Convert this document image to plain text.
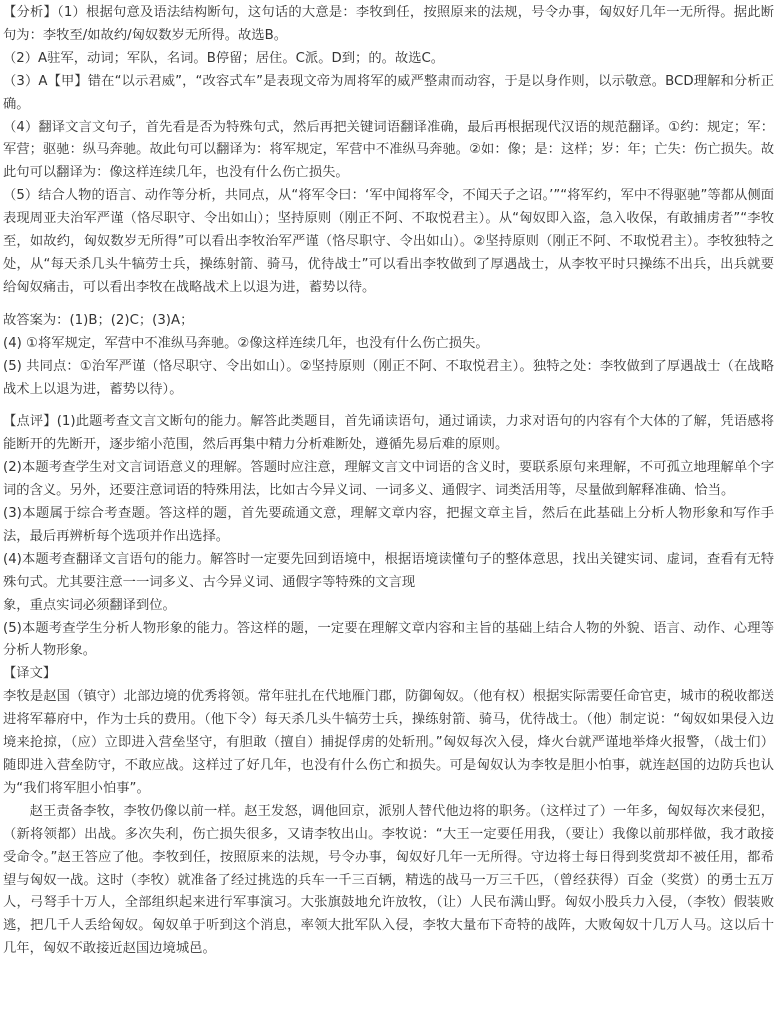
【分析】（1）根据句意及语法结构断句，这句话的大意是：李牧到任，按照原来的法规，号令办事，匈奴好几年一无所得。据此断句为：李牧至/如故约/匈奴数岁无所得。故选B。

（2）A驻军，动词；军队，名词。B停留；居住。C派。D到；的。故选C。

（3）A【甲】错在“以示君威”，“改容式车”是表现文帝为周将军的威严整肃而动容，于是以身作则，以示敬意。BCD理解和分析正确。

（4）翻译文言文句子，首先看是否为特殊句式，然后再把关键词语翻译准确，最后再根据现代汉语的规范翻译。①约：规定；军：军营；驱驰：纵马奔驰。故此句可以翻译为：将军规定，军营中不准纵马奔驰。②如：像；是：这样；岁：年；亡失：伤亡损失。故此句可以翻译为：像这样连续几年，也没有什么伤亡损失。

（5）结合人物的语言、动作等分析，共同点，从“将军令曰：‘军中闻将军令，不闻天子之诏。’”“将军约，军中不得驱驰”等都从侧面表现周亚夫治军严谨（恪尽职守、令出如山）；坚持原则（刚正不阿、不取悦君主）。从“匈奴即入盗，急入收保，有敢捕虏者”“李牧至，如故约，匈奴数岁无所得”可以看出李牧治军严谨（恪尽职守、令出如山）。②坚持原则（刚正不阿、不取悦君主）。李牧独特之处，从“每天杀几头牛犒劳士兵，操练射箭、骑马，优待战士”可以看出李牧做到了厚遇战士，从李牧平时只操练不出兵，出兵就要给匈奴痛击，可以看出李牧在战略战术上以退为进，蓄势以待。

故答案为：(1)B；(2)C；(3)A；

(4) ①将军规定，军营中不准纵马奔驰。②像这样连续几年，也没有什么伤亡损失。

(5) 共同点：①治军严谨（恪尽职守、令出如山）。②坚持原则（刚正不阿、不取悦君主）。独特之处：李牧做到了厚遇战士（在战略战术上以退为进，蓄势以待）。

【点评】(1)此题考查文言文断句的能力。解答此类题目，首先诵读语句，通过诵读，力求对语句的内容有个大体的了解，凭语感将能断开的先断开，逐步缩小范围，然后再集中精力分析难断处，遵循先易后难的原则。

(2)本题考查学生对文言词语意义的理解。答题时应注意，理解文言文中词语的含义时，要联系原句来理解，不可孤立地理解单个字词的含义。另外，还要注意词语的特殊用法，比如古今异义词、一词多义、通假字、词类活用等，尽量做到解释准确、恰当。

(3)本题属于综合考查题。答这样的题，首先要疏通文意，理解文章内容，把握文章主旨，然后在此基础上分析人物形象和写作手法，最后再辨析每个选项并作出选择。

(4)本题考查翻译文言语句的能力。解答时一定要先回到语境中，根据语境读懂句子的整体意思，找出关键实词、虚词，查看有无特殊句式。尤其要注意一一词多义、古今异义词、通假字等特殊的文言现

象，重点实词必须翻译到位。

(5)本题考查学生分析人物形象的能力。答这样的题，一定要在理解文章内容和主旨的基础上结合人物的外貌、语言、动作、心理等分析人物形象。

【译文】

李牧是赵国（镇守）北部边境的优秀将领。常年驻扎在代地雁门郡，防御匈奴。（他有权）根据实际需要任命官吏，城市的税收都送进将军幕府中，作为士兵的费用。（他下令）每天杀几头牛犒劳士兵，操练射箭、骑马，优待战士。（他）制定说：“匈奴如果侵入边境来抢掠，（应）立即进入营垒坚守，有胆敢（擅自）捕捉俘虏的处斩刑。”匈奴每次入侵，烽火台就严谨地举烽火报警，（战士们）随即进入营垒防守，不敢应战。这样过了好几年，也没有什么伤亡和损失。可是匈奴认为李牧是胆小怕事，就连赵国的边防兵也认为“我们将军胆小怕事”。

赵王责备李牧，李牧仍像以前一样。赵王发怒，调他回京，派别人替代他边将的职务。（这样过了）一年多，匈奴每次来侵犯，（新将领都）出战。多次失利，伤亡损失很多，又请李牧出山。李牧说：“大王一定要任用我，（要让）我像以前那样做，我才敢接受命令。”赵王答应了他。李牧到任，按照原来的法规，号令办事，匈奴好几年一无所得。守边将士每日得到奖赏却不被任用，都希望与匈奴一战。这时（李牧）就准备了经过挑选的兵车一千三百辆，精选的战马一万三千匹，（曾经获得）百金（奖赏）的勇士五万人，弓弩手十万人，全部组织起来进行军事演习。大张旗鼓地允许放牧，（让）人民布满山野。匈奴小股兵力入侵，（李牧）假装败逃，把几千人丢给匈奴。匈奴单于听到这个消息，率领大批军队入侵，李牧大量布下奇特的战阵，大败匈奴十几万人马。这以后十几年，匈奴不敢接近赵国边境城邑。
